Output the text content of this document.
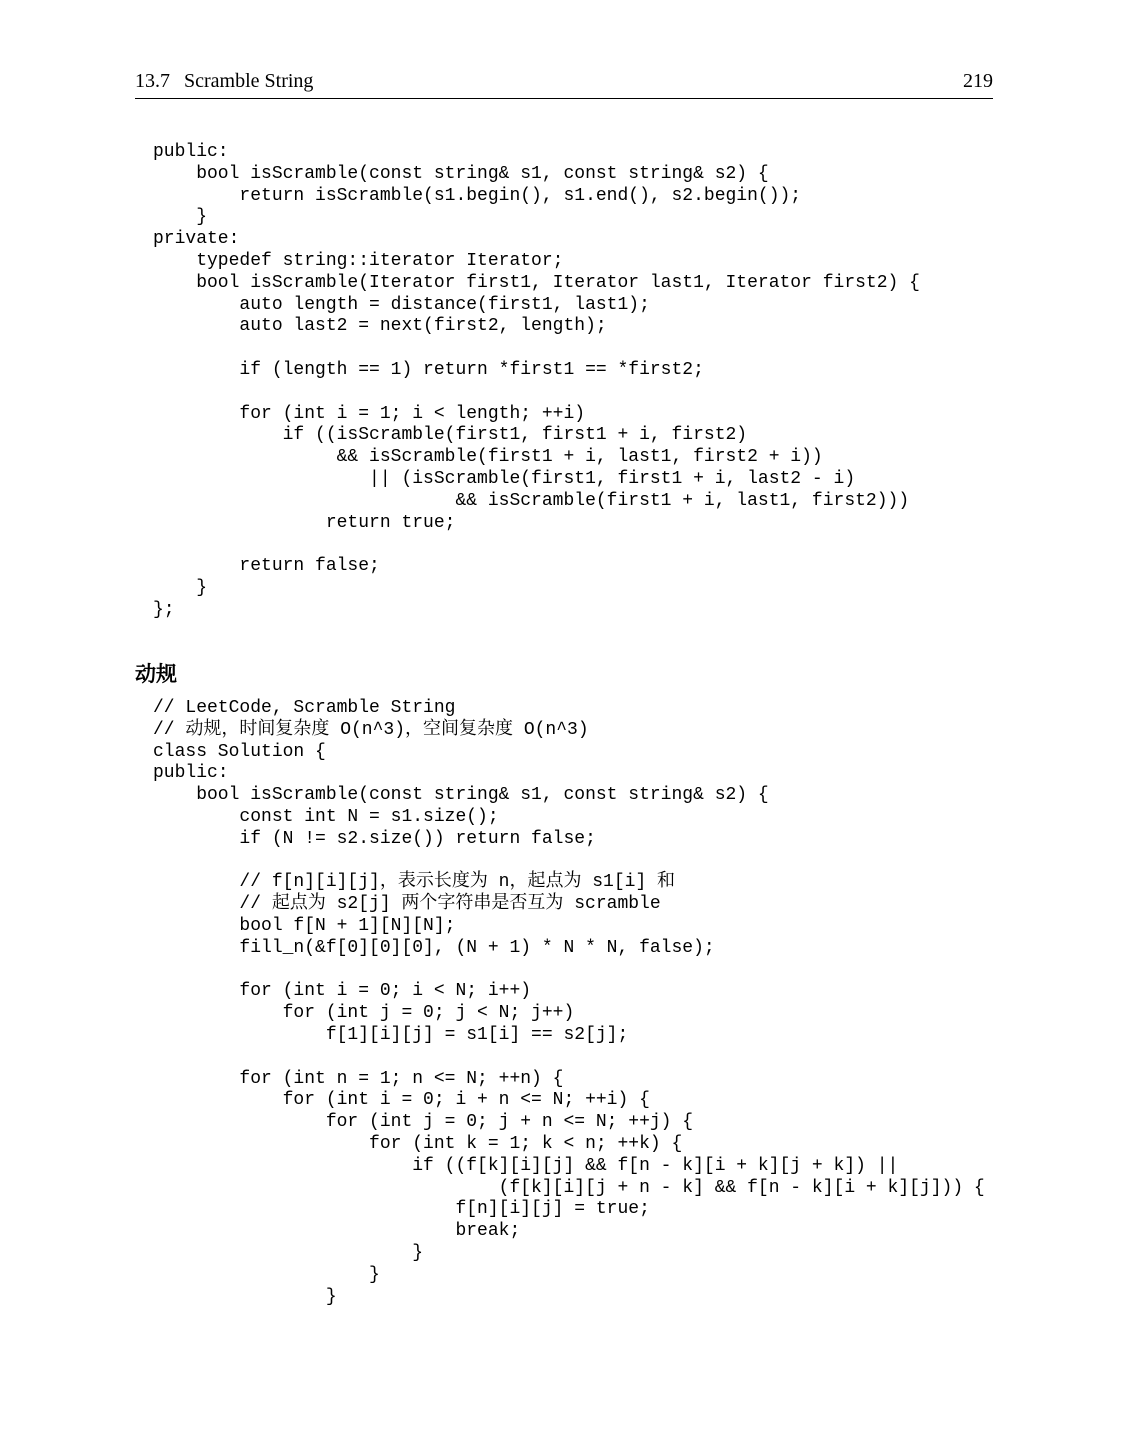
13.7 Scramble String	219
public:
bool isScramble(const string& s1, const string& s2) {
return isScramble(s1.begin(), s1.end(), s2.begin());
}
private:
typedef string::iterator Iterator;
bool isScramble(Iterator first1, Iterator last1, Iterator first2) {
auto length = distance(first1, last1);
auto last2 = next(first2, length);

if (length == 1) return *first1 == *first2;

for (int i = 1; i < length; ++i)
if ((isScramble(first1, first1 + i, first2)
&& isScramble(first1 + i, last1, first2 + i))
|| (isScramble(first1, first1 + i, last2 - i)
&& isScramble(first1 + i, last1, first2)))
return true;

return false;
}
};
动规
// LeetCode, Scramble String
// 动规，时间复杂度 O(n^3)，空间复杂度 O(n^3)
class Solution {
public:
bool isScramble(const string& s1, const string& s2) {
const int N = s1.size();
if (N != s2.size()) return false;

// f[n][i][j]，表示长度为 n，起点为 s1[i] 和
// 起点为 s2[j] 两个字符串是否互为 scramble
bool f[N + 1][N][N];
fill_n(&f[0][0][0], (N + 1) * N * N, false);

for (int i = 0; i < N; i++)
for (int j = 0; j < N; j++)
f[1][i][j] = s1[i] == s2[j];

for (int n = 1; n <= N; ++n) {
for (int i = 0; i + n <= N; ++i) {
for (int j = 0; j + n <= N; ++j) {
for (int k = 1; k < n; ++k) {
if ((f[k][i][j] && f[n - k][i + k][j + k]) ||
(f[k][i][j + n - k] && f[n - k][i + k][j])) {
f[n][i][j] = true;
break;
}
}
}
